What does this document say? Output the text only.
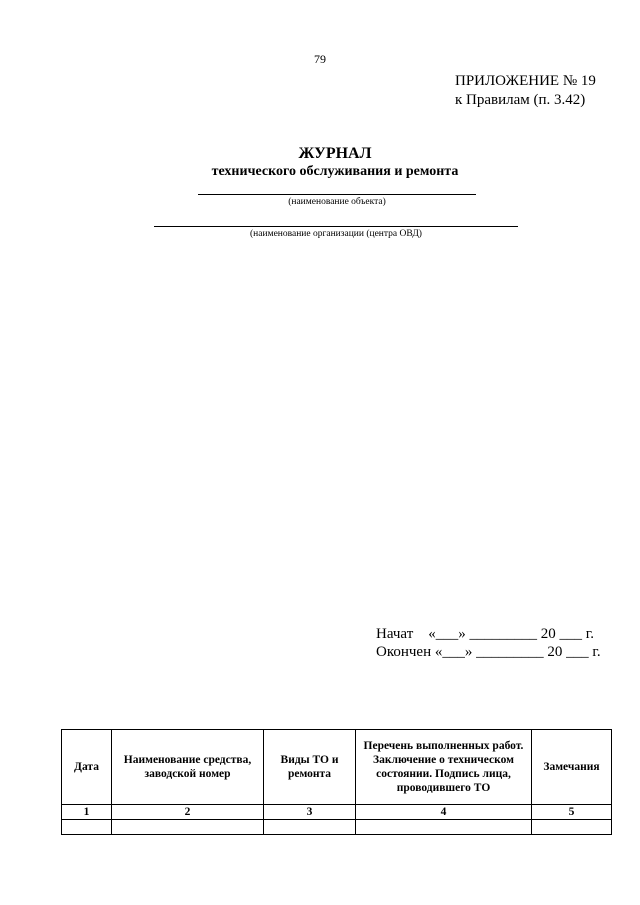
79
ПРИЛОЖЕНИЕ № 19
к Правилам (п. 3.42)
ЖУРНАЛ
технического обслуживания и ремонта
(наименование объекта)
(наименование организации (центра ОВД)
Начат    «___» _________ 20 ___ г.
Окончен «___» _________ 20 ___ г.
Дата	Наименование средства, заводской номер	Виды ТО и ремонта	Перечень выполненных работ. Заключение о техническом состоянии. Подпись лица, проводившего ТО	Замечания
1	2	3	4	5
